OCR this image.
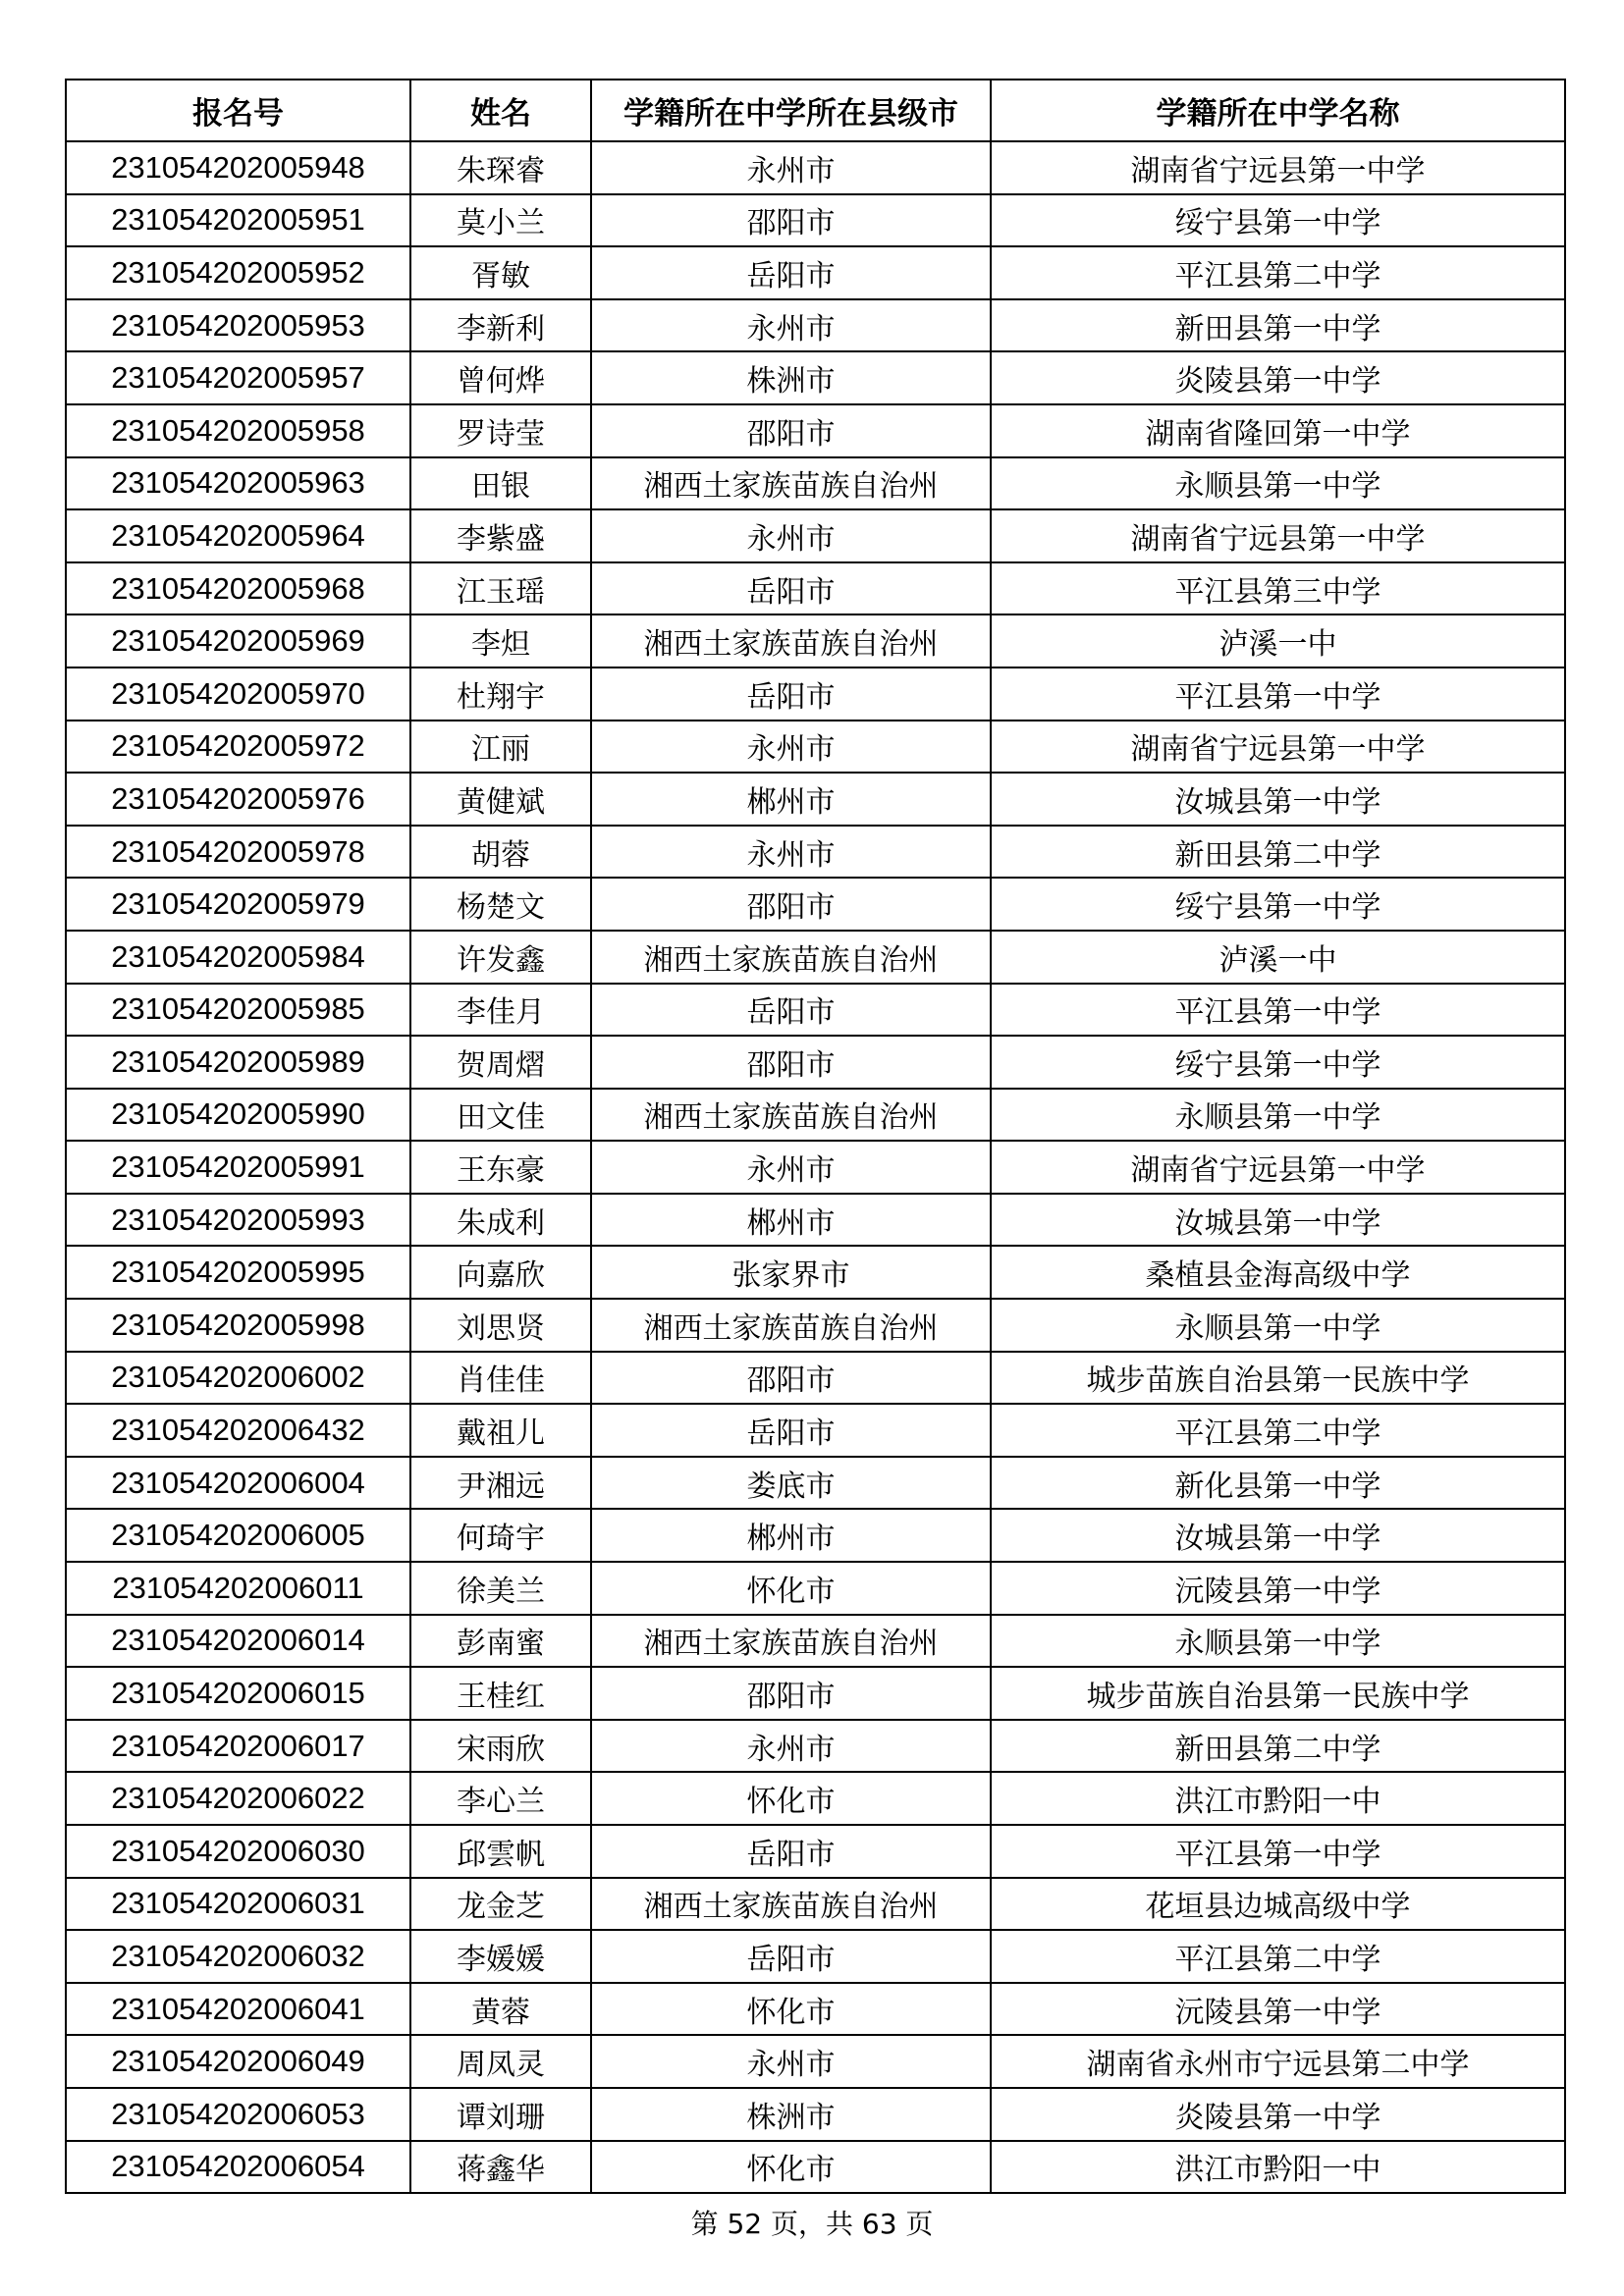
报名号	姓名	学籍所在中学所在县级市	学籍所在中学名称
231054202005948	朱琛睿	永州市	湖南省宁远县第一中学
231054202005951	莫小兰	邵阳市	绥宁县第一中学
231054202005952	胥敏	岳阳市	平江县第二中学
231054202005953	李新利	永州市	新田县第一中学
231054202005957	曾何烨	株洲市	炎陵县第一中学
231054202005958	罗诗莹	邵阳市	湖南省隆回第一中学
231054202005963	田银	湘西土家族苗族自治州	永顺县第一中学
231054202005964	李紫盛	永州市	湖南省宁远县第一中学
231054202005968	江玉瑶	岳阳市	平江县第三中学
231054202005969	李炟	湘西土家族苗族自治州	泸溪一中
231054202005970	杜翔宇	岳阳市	平江县第一中学
231054202005972	江丽	永州市	湖南省宁远县第一中学
231054202005976	黄健斌	郴州市	汝城县第一中学
231054202005978	胡蓉	永州市	新田县第二中学
231054202005979	杨楚文	邵阳市	绥宁县第一中学
231054202005984	许发鑫	湘西土家族苗族自治州	泸溪一中
231054202005985	李佳月	岳阳市	平江县第一中学
231054202005989	贺周熠	邵阳市	绥宁县第一中学
231054202005990	田文佳	湘西土家族苗族自治州	永顺县第一中学
231054202005991	王东豪	永州市	湖南省宁远县第一中学
231054202005993	朱成利	郴州市	汝城县第一中学
231054202005995	向嘉欣	张家界市	桑植县金海高级中学
231054202005998	刘思贤	湘西土家族苗族自治州	永顺县第一中学
231054202006002	肖佳佳	邵阳市	城步苗族自治县第一民族中学
231054202006432	戴祖儿	岳阳市	平江县第二中学
231054202006004	尹湘远	娄底市	新化县第一中学
231054202006005	何琦宇	郴州市	汝城县第一中学
231054202006011	徐美兰	怀化市	沅陵县第一中学
231054202006014	彭南蜜	湘西土家族苗族自治州	永顺县第一中学
231054202006015	王桂红	邵阳市	城步苗族自治县第一民族中学
231054202006017	宋雨欣	永州市	新田县第二中学
231054202006022	李心兰	怀化市	洪江市黔阳一中
231054202006030	邱雲帆	岳阳市	平江县第一中学
231054202006031	龙金芝	湘西土家族苗族自治州	花垣县边城高级中学
231054202006032	李媛媛	岳阳市	平江县第二中学
231054202006041	黄蓉	怀化市	沅陵县第一中学
231054202006049	周凤灵	永州市	湖南省永州市宁远县第二中学
231054202006053	谭刘珊	株洲市	炎陵县第一中学
231054202006054	蒋鑫华	怀化市	洪江市黔阳一中
第 52 页，共 63 页
